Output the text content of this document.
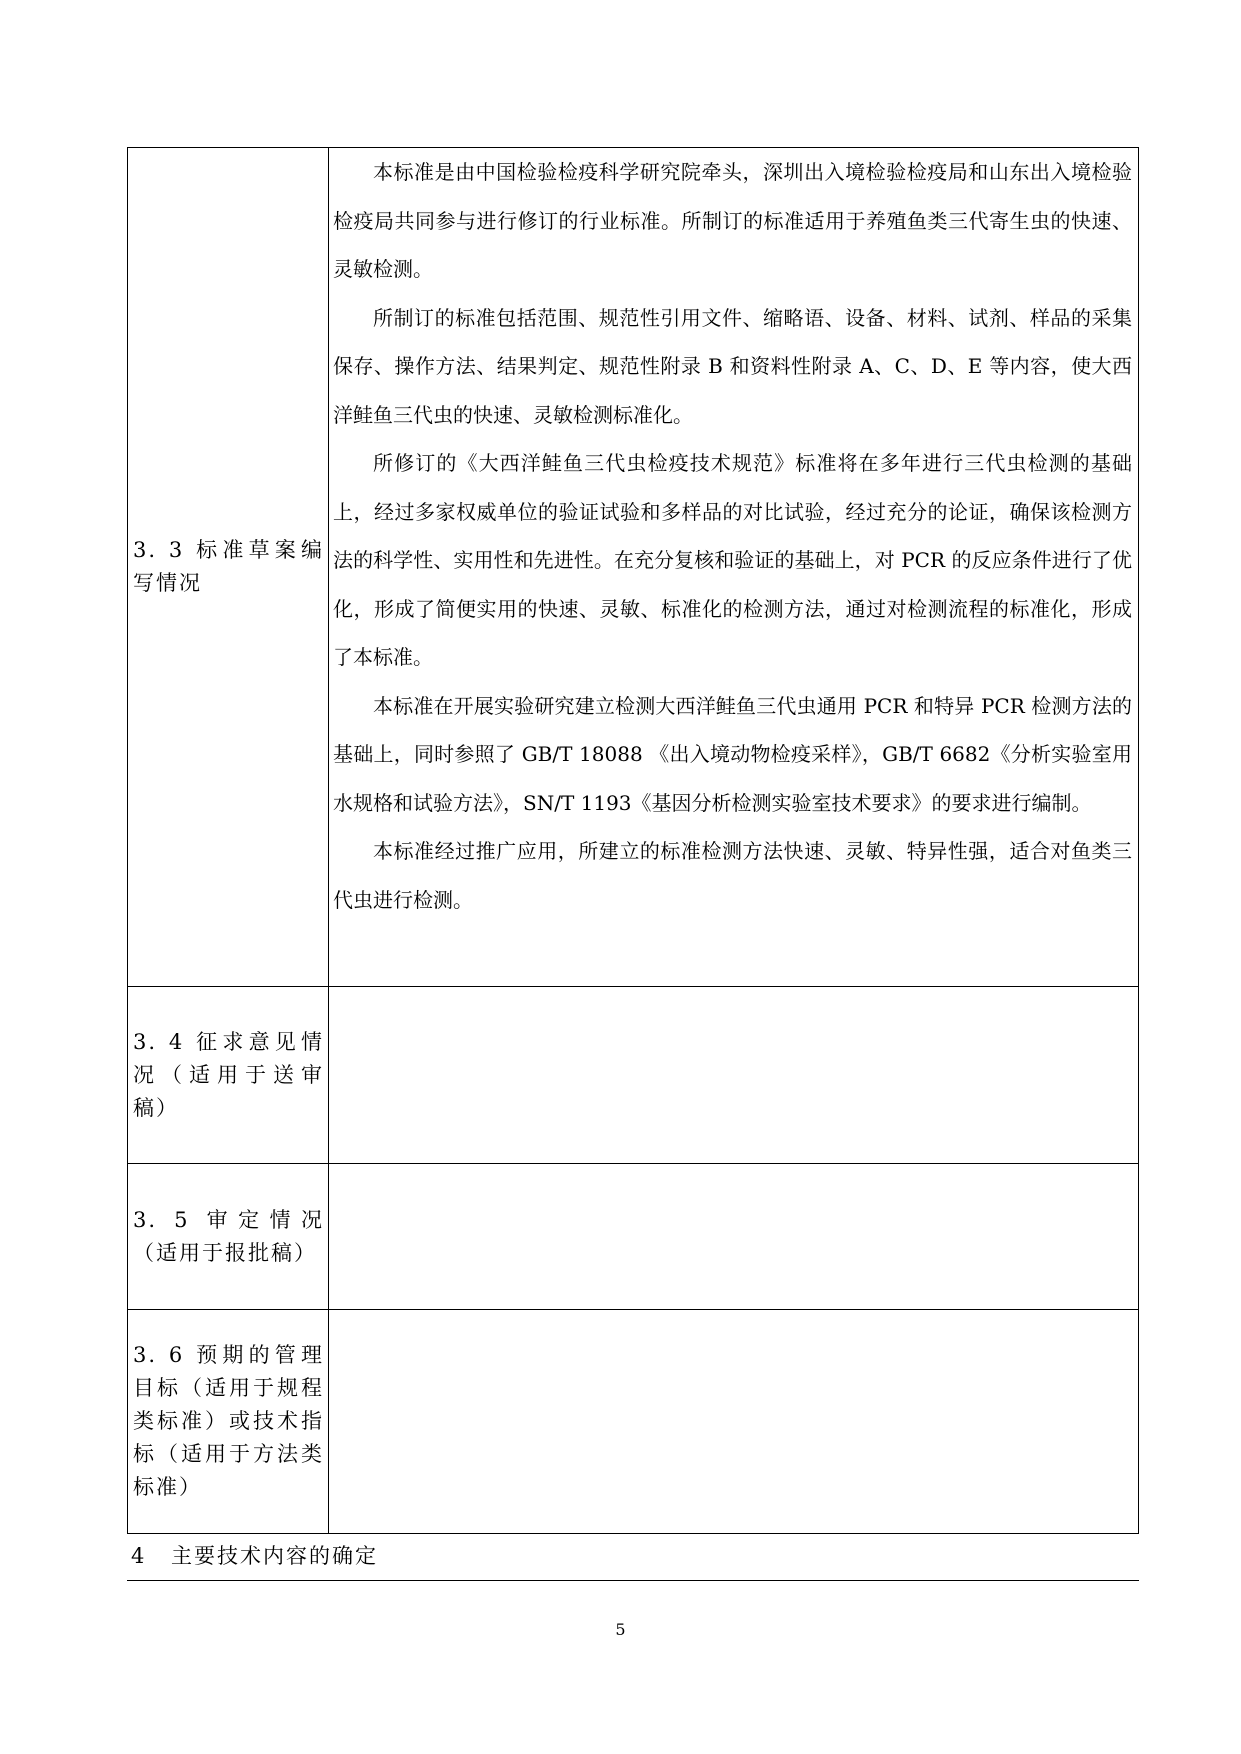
3. 3 标准草案编写情况	本标准是由中国检验检疫科学研究院牵头，深圳出入境检验检疫局和山东出入境检验检疫局共同参与进行修订的行业标准。所制订的标准适用于养殖鱼类三代寄生虫的快速、灵敏检测。

所制订的标准包括范围、规范性引用文件、缩略语、设备、材料、试剂、样品的采集保存、操作方法、结果判定、规范性附录 B 和资料性附录 A、C、D、E 等内容，使大西洋鲑鱼三代虫的快速、灵敏检测标准化。

所修订的《大西洋鲑鱼三代虫检疫技术规范》标准将在多年进行三代虫检测的基础上，经过多家权威单位的验证试验和多样品的对比试验，经过充分的论证，确保该检测方法的科学性、实用性和先进性。在充分复核和验证的基础上，对 PCR 的反应条件进行了优化，形成了简便实用的快速、灵敏、标准化的检测方法，通过对检测流程的标准化，形成了本标准。

本标准在开展实验研究建立检测大西洋鲑鱼三代虫通用 PCR 和特异 PCR 检测方法的基础上，同时参照了 GB/T 18088 《出入境动物检疫采样》，GB/T 6682《分析实验室用水规格和试验方法》，SN/T 1193《基因分析检测实验室技术要求》的要求进行编制。

本标准经过推广应用，所建立的标准检测方法快速、灵敏、特异性强，适合对鱼类三代虫进行检测。

3. 4 征求意见情况（适用于送审稿）	

3. 5 审定情况（适用于报批稿）	

3. 6 预期的管理目标（适用于规程类标准）或技术指标（适用于方法类标准）	

4 主要技术内容的确定
5
